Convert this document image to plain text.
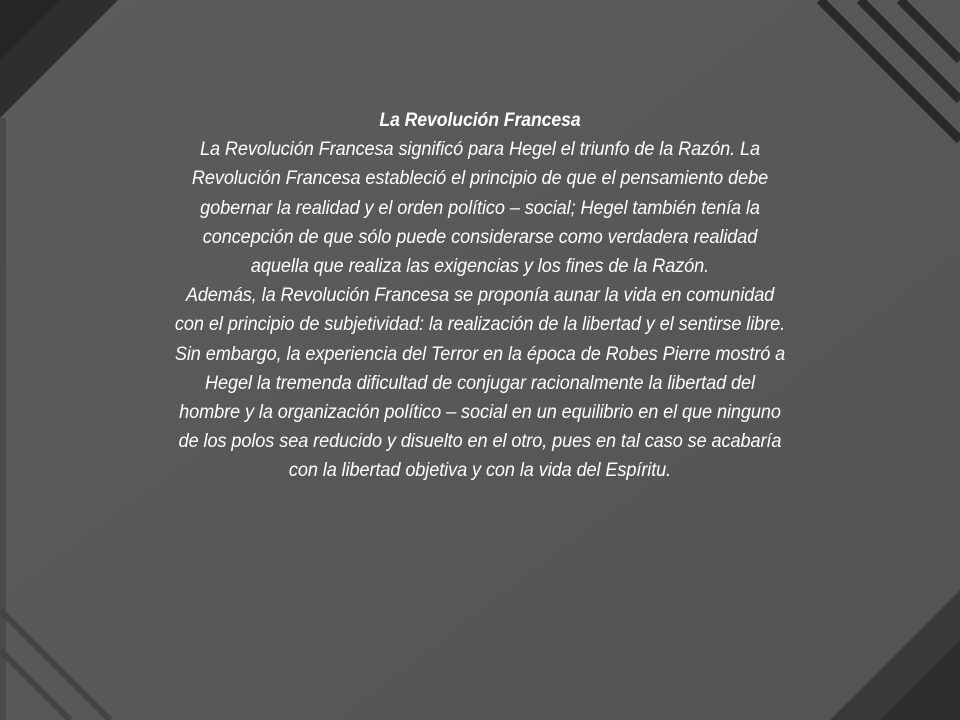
La Revolución Francesa

La Revolución Francesa significó para Hegel el triunfo de la Razón. La Revolución Francesa estableció el principio de que el pensamiento debe gobernar la realidad y el orden político – social; Hegel también tenía la concepción de que sólo puede considerarse como verdadera realidad aquella que realiza las exigencias y los fines de la Razón.

Además, la Revolución Francesa se proponía aunar la vida en comunidad con el principio de subjetividad: la realización de la libertad y el sentirse libre.

Sin embargo, la experiencia del Terror en la época de Robes Pierre mostró a Hegel la tremenda dificultad de conjugar racionalmente la libertad del hombre y la organización político – social en un equilibrio en el que ninguno de los polos sea reducido y disuelto en el otro, pues en tal caso se acabaría con la libertad objetiva y con la vida del Espíritu.
